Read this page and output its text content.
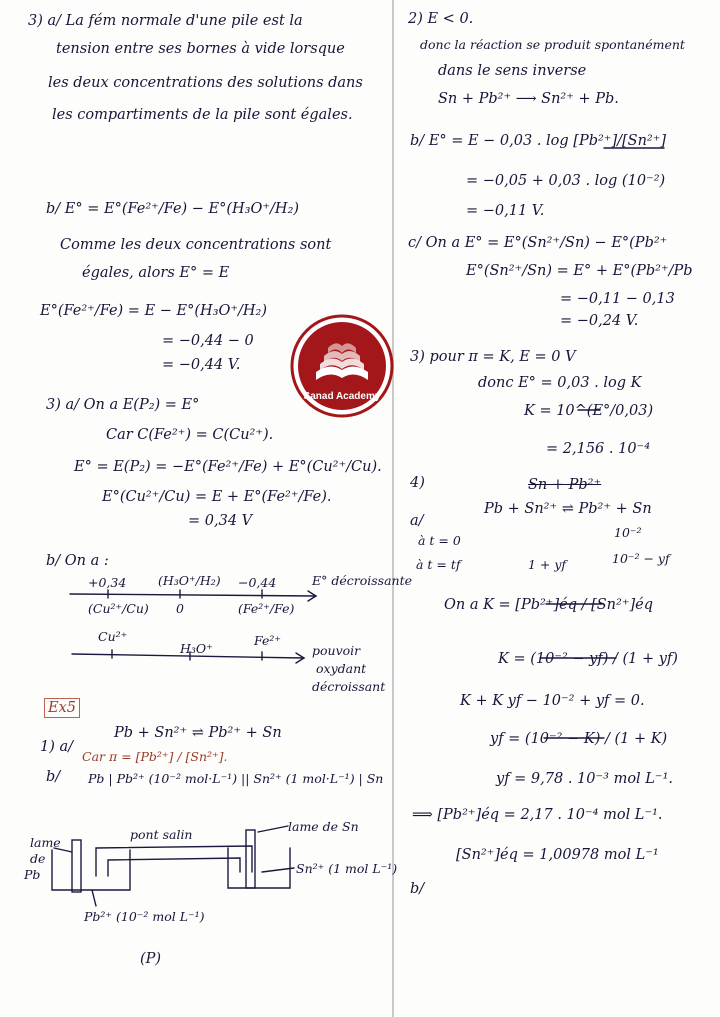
3) a/ La fém normale d'une pile est la
tension entre ses bornes à vide lorsque
les deux concentrations des solutions dans
les compartiments de la pile sont égales.
b/ E° = E°(Fe²⁺/Fe) − E°(H₃O⁺/H₂)
Comme les deux concentrations sont
égales, alors E° = E
E°(Fe²⁺/Fe) = E − E°(H₃O⁺/H₂)
= −0,44 − 0
= −0,44 V.
3) a/ On a E(P₂) = E°
Car C(Fe²⁺) = C(Cu²⁺).
E° = E(P₂) = −E°(Fe²⁺/Fe) + E°(Cu²⁺/Cu).
E°(Cu²⁺/Cu) = E + E°(Fe²⁺/Fe).
= 0,34 V
b/ On a :
+0,34	(H₃O⁺/H₂) −0,44	E° décroissante
(Cu²⁺/Cu) 0	(Fe²⁺/Fe)
Cu²⁺
H₃O⁺
Fe²⁺
pouvoir
oxydant
décroissant
Ex5
1) a/
Pb + Sn²⁺ ⇌ Pb²⁺ + Sn
Car π = [Pb²⁺] / [Sn²⁺].
b/ Pb | Pb²⁺ (10⁻² mol·L⁻¹) || Sn²⁺ (1 mol·L⁻¹) | Sn
pont salin
lame de Sn
lame
de
Pb	Sn²⁺ (1 mol L⁻¹)
Pb²⁺ (10⁻² mol L⁻¹)
(P)
2) E < 0.
donc la réaction se produit spontanément
dans le sens inverse
Sn + Pb²⁺ ⟶ Sn²⁺ + Pb.
b/ E° = E − 0,03 . log [Pb²⁺]/[Sn²⁺]
= −0,05 + 0,03 . log (10⁻²)
= −0,11 V.
c/ On a E° = E°(Sn²⁺/Sn) − E°(Pb²⁺
E°(Sn²⁺/Sn) = E° + E°(Pb²⁺/Pb
= −0,11 − 0,13
= −0,24 V.
3) pour π = K, E = 0 V
donc E° = 0,03 . log K
K = 10^(E°/0,03)
= 2,156 . 10⁻⁴
4)	Sn + Pb²⁺
a/
Pb + Sn²⁺ ⇌ Pb²⁺ + Sn
à t = 0
10⁻²
à t = tf	1 + yf	10⁻² − yf
On a K = [Pb²⁺]éq / [Sn²⁺]éq
K = (10⁻² − yf) / (1 + yf)
K + K yf − 10⁻² + yf = 0.
yf = (10⁻² − K) / (1 + K)
yf = 9,78 . 10⁻³ mol L⁻¹.
⟹ [Pb²⁺]éq = 2,17 . 10⁻⁴ mol L⁻¹.
[Sn²⁺]éq = 1,00978 mol L⁻¹
b/
Sanad Academy
